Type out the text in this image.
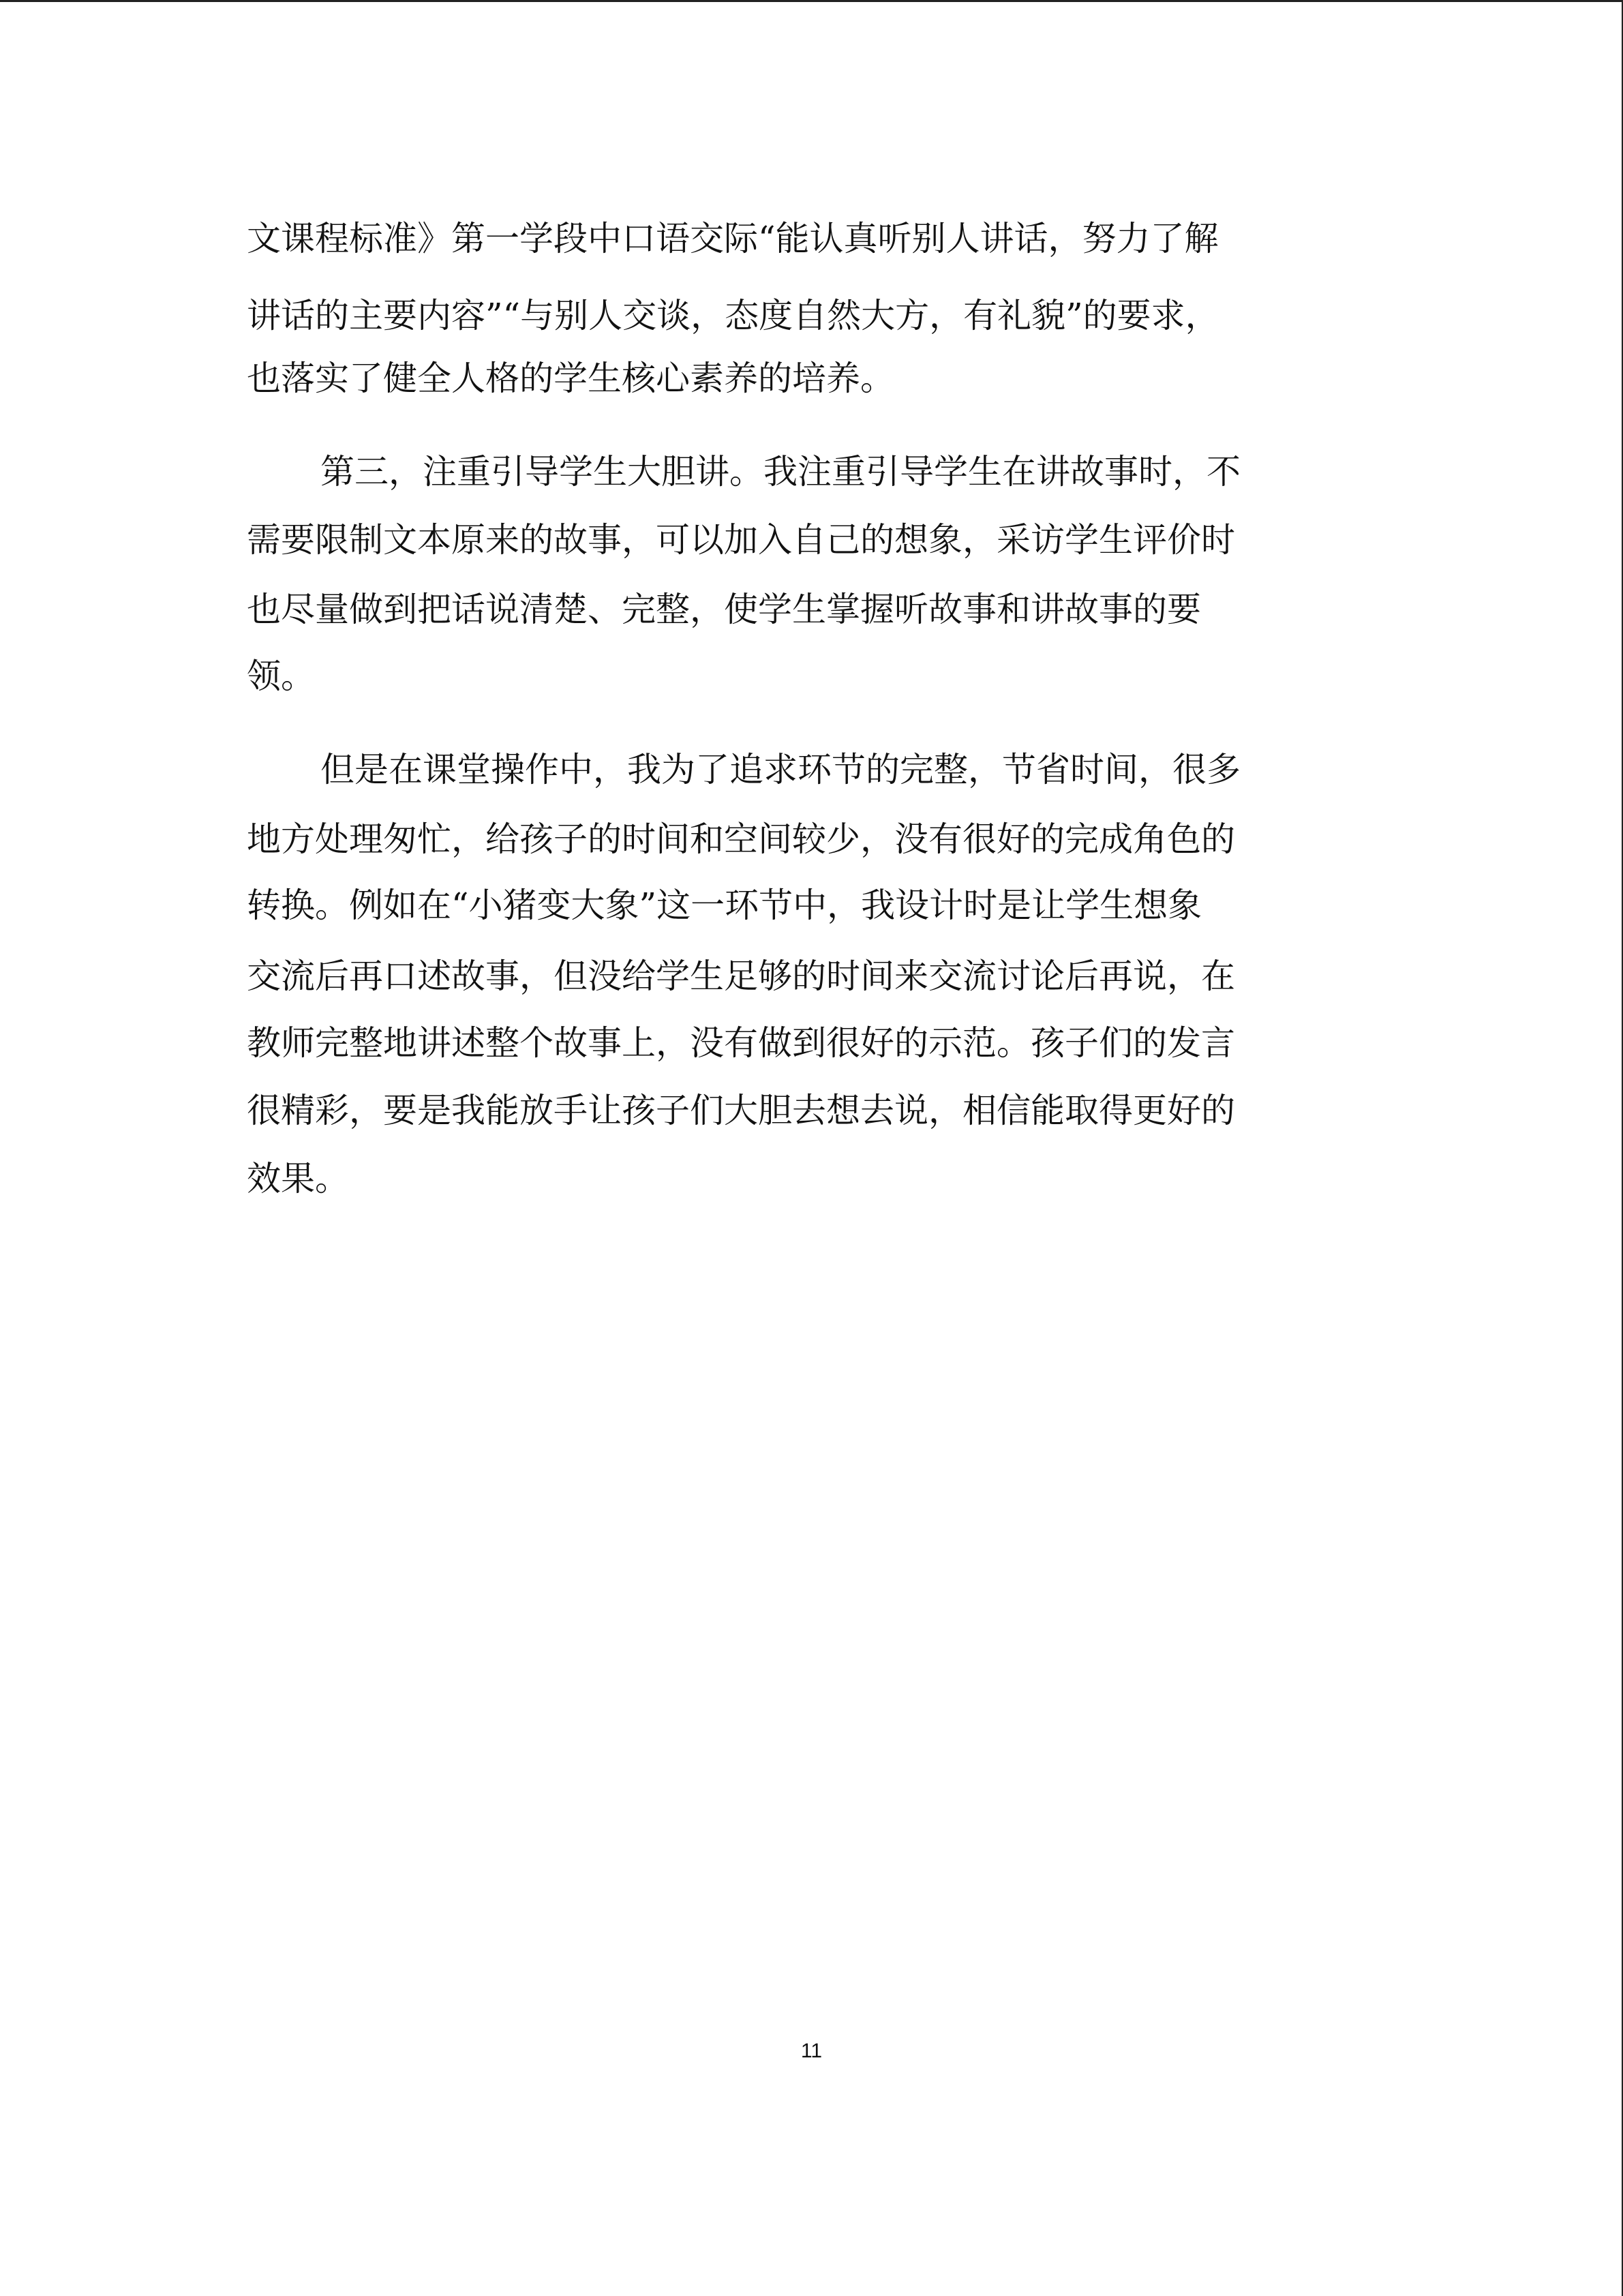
文课程标准》第一学段中口语交际“能认真听别人讲话，努力了解
讲话的主要内容”“与别人交谈，态度自然大方，有礼貌”的要求，
也落实了健全人格的学生核心素养的培养。
第三，注重引导学生大胆讲。我注重引导学生在讲故事时，不
需要限制文本原来的故事，可以加入自己的想象，采访学生评价时
也尽量做到把话说清楚、完整，使学生掌握听故事和讲故事的要
领。
但是在课堂操作中，我为了追求环节的完整，节省时间，很多
地方处理匆忙，给孩子的时间和空间较少，没有很好的完成角色的
转换。例如在“小猪变大象”这一环节中，我设计时是让学生想象
交流后再口述故事，但没给学生足够的时间来交流讨论后再说，在
教师完整地讲述整个故事上，没有做到很好的示范。孩子们的发言
很精彩，要是我能放手让孩子们大胆去想去说，相信能取得更好的
效果。
11
